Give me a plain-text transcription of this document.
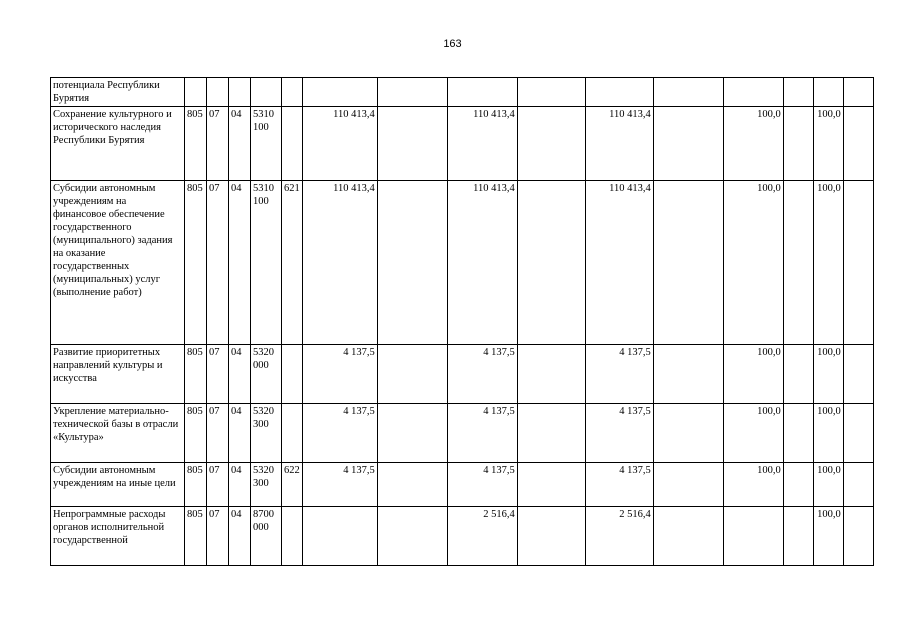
163
потенциала Республики Бурятия															
Сохранение культурного и исторического наследия Республики Бурятия	805	07	04	5310 100		110 413,4		110 413,4		110 413,4		100,0		100,0	
Субсидии автономным учреждениям на финансовое обеспечение государственного (муниципального) задания на оказание государственных (муниципальных) услуг (выполнение работ)	805	07	04	5310 100	621	110 413,4		110 413,4		110 413,4		100,0		100,0	
Развитие приоритетных направлений культуры и искусства	805	07	04	5320 000		4 137,5		4 137,5		4 137,5		100,0		100,0	
Укрепление материально-технической базы в отрасли «Культура»	805	07	04	5320 300		4 137,5		4 137,5		4 137,5		100,0		100,0	
Субсидии автономным учреждениям на иные цели	805	07	04	5320 300	622	4 137,5		4 137,5		4 137,5		100,0		100,0	
Непрограммные расходы органов исполнительной государственной	805	07	04	8700 000				2 516,4		2 516,4				100,0	
